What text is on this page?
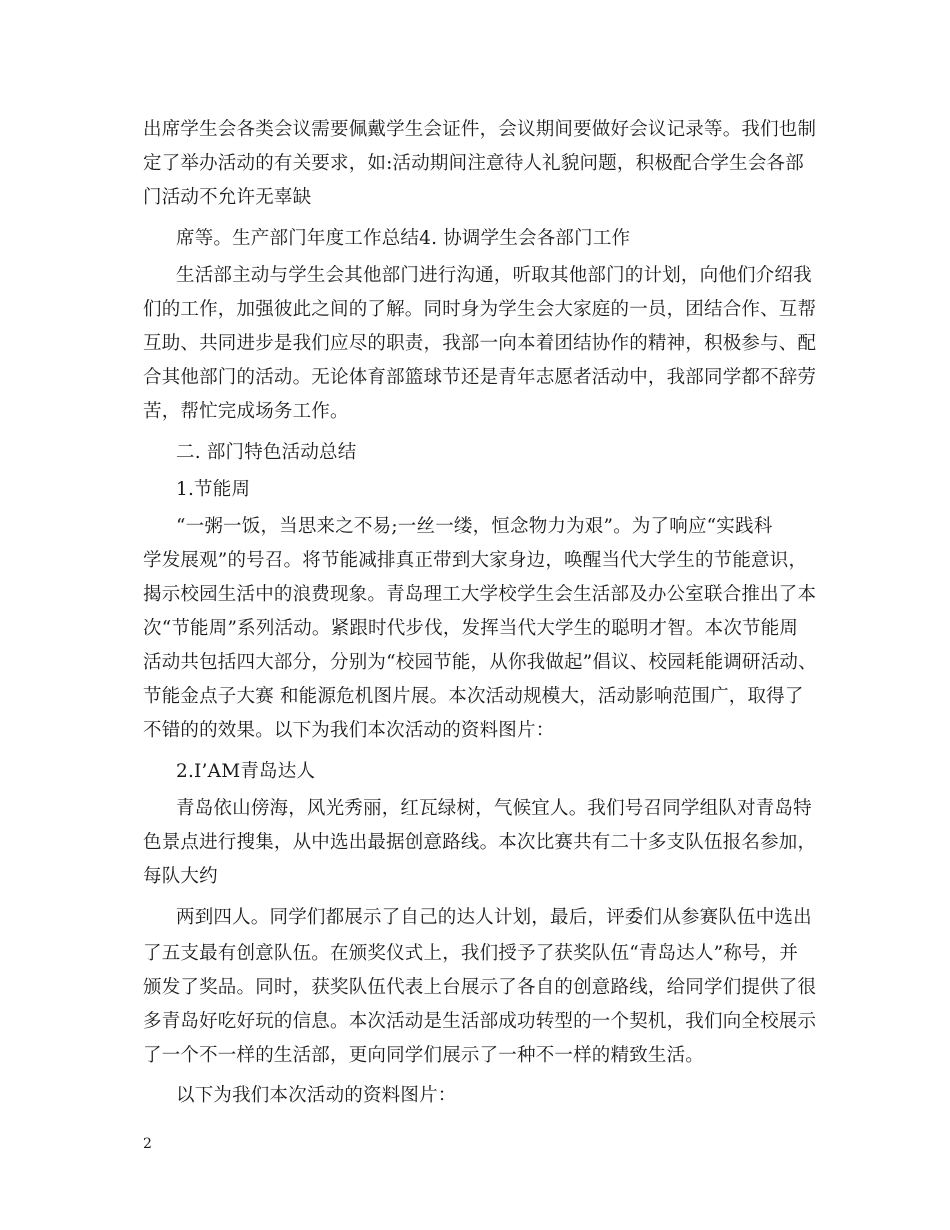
出席学生会各类会议需要佩戴学生会证件，会议期间要做好会议记录等。我们也制
定了举办活动的有关要求，如:活动期间注意待人礼貌问题，积极配合学生会各部
门活动不允许无辜缺
席等。生产部门年度工作总结4. 协调学生会各部门工作
生活部主动与学生会其他部门进行沟通，听取其他部门的计划，向他们介绍我
们的工作，加强彼此之间的了解。同时身为学生会大家庭的一员，团结合作、互帮
互助、共同进步是我们应尽的职责，我部一向本着团结协作的精神，积极参与、配
合其他部门的活动。无论体育部篮球节还是青年志愿者活动中，我部同学都不辞劳
苦，帮忙完成场务工作。
二. 部门特色活动总结
1.节能周
“一粥一饭，当思来之不易;一丝一缕，恒念物力为艰”。为了响应“实践科
学发展观”的号召。将节能减排真正带到大家身边，唤醒当代大学生的节能意识，
揭示校园生活中的浪费现象。青岛理工大学校学生会生活部及办公室联合推出了本
次“节能周”系列活动。紧跟时代步伐，发挥当代大学生的聪明才智。本次节能周
活动共包括四大部分，分别为“校园节能，从你我做起”倡议、校园耗能调研活动、
节能金点子大赛 和能源危机图片展。本次活动规模大，活动影响范围广，取得了
不错的的效果。以下为我们本次活动的资料图片：
2.I’AM青岛达人
青岛依山傍海，风光秀丽，红瓦绿树，气候宜人。我们号召同学组队对青岛特
色景点进行搜集，从中选出最据创意路线。本次比赛共有二十多支队伍报名参加，
每队大约
两到四人。同学们都展示了自己的达人计划，最后，评委们从参赛队伍中选出
了五支最有创意队伍。在颁奖仪式上，我们授予了获奖队伍“青岛达人”称号，并
颁发了奖品。同时，获奖队伍代表上台展示了各自的创意路线，给同学们提供了很
多青岛好吃好玩的信息。本次活动是生活部成功转型的一个契机，我们向全校展示
了一个不一样的生活部，更向同学们展示了一种不一样的精致生活。
以下为我们本次活动的资料图片：
2
